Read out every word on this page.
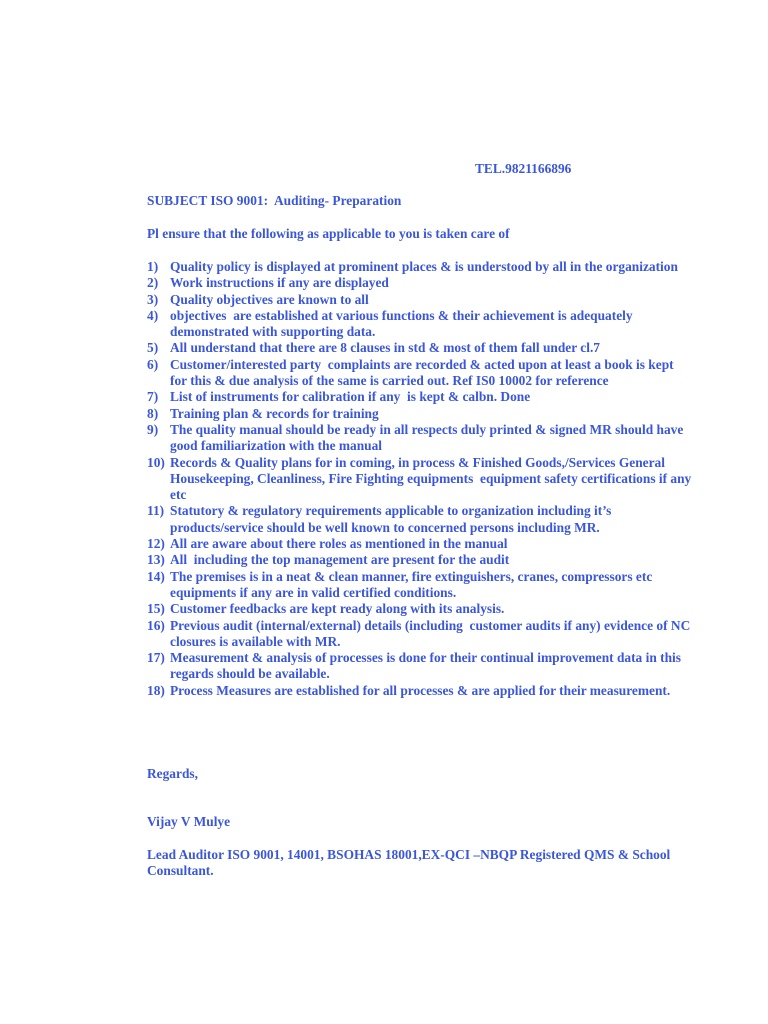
TEL.9821166896
SUBJECT ISO 9001:  Auditing- Preparation
Pl ensure that the following as applicable to you is taken care of
1) Quality policy is displayed at prominent places & is understood by all in the organization
2) Work instructions if any are displayed
3) Quality objectives are known to all
4) objectives  are established at various functions & their achievement is adequately demonstrated with supporting data.
5) All understand that there are 8 clauses in std & most of them fall under cl.7
6) Customer/interested party  complaints are recorded & acted upon at least a book is kept for this & due analysis of the same is carried out. Ref IS0 10002 for reference
7) List of instruments for calibration if any  is kept & calbn. Done
8) Training plan & records for training
9) The quality manual should be ready in all respects duly printed & signed MR should have good familiarization with the manual
10) Records & Quality plans for in coming, in process & Finished Goods,/Services General Housekeeping, Cleanliness, Fire Fighting equipments  equipment safety certifications if any etc
11) Statutory & regulatory requirements applicable to organization including it’s products/service should be well known to concerned persons including MR.
12) All are aware about there roles as mentioned in the manual
13) All  including the top management are present for the audit
14) The premises is in a neat & clean manner, fire extinguishers, cranes, compressors etc equipments if any are in valid certified conditions.
15) Customer feedbacks are kept ready along with its analysis.
16) Previous audit (internal/external) details (including  customer audits if any) evidence of NC closures is available with MR.
17) Measurement & analysis of processes is done for their continual improvement data in this regards should be available.
18) Process Measures are established for all processes & are applied for their measurement.
Regards,
Vijay V Mulye
Lead Auditor ISO 9001, 14001, BSOHAS 18001,EX-QCI –NBQP Registered QMS & School Consultant.
